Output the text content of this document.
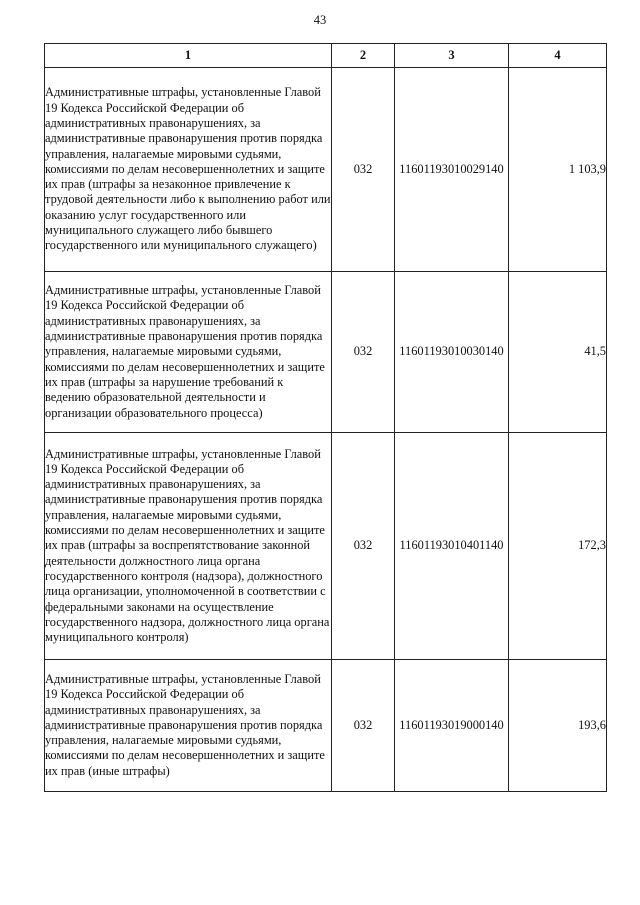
43
1	2	3	4

Административные штрафы, установленные Главой 19 Кодекса Российской Федерации об административных правонарушениях, за административные правонарушения против порядка управления, налагаемые мировыми судьями, комиссиями по делам несовершеннолетних и защите их прав (штрафы за незаконное привлечение к трудовой деятельности либо к выполнению работ или оказанию услуг государственного или муниципального служащего либо бывшего государственного или муниципального служащего)	032	11601193010029140	1 103,9

Административные штрафы, установленные Главой 19 Кодекса Российской Федерации об административных правонарушениях, за административные правонарушения против порядка управления, налагаемые мировыми судьями, комиссиями по делам несовершеннолетних и защите их прав (штрафы за нарушение требований к ведению образовательной деятельности и организации образовательного процесса)	032	11601193010030140	41,5

Административные штрафы, установленные Главой 19 Кодекса Российской Федерации об административных правонарушениях, за административные правонарушения против порядка управления, налагаемые мировыми судьями, комиссиями по делам несовершеннолетних и защите их прав (штрафы за воспрепятствование законной деятельности должностного лица органа государственного контроля (надзора), должностного лица организации, уполномоченной в соответствии с федеральными законами на осуществление государственного надзора, должностного лица органа муниципального контроля)	032	11601193010401140	172,3

Административные штрафы, установленные Главой 19 Кодекса Российской Федерации об административных правонарушениях, за административные правонарушения против порядка управления, налагаемые мировыми судьями, комиссиями по делам несовершеннолетних и защите их прав (иные штрафы)	032	11601193019000140	193,6
